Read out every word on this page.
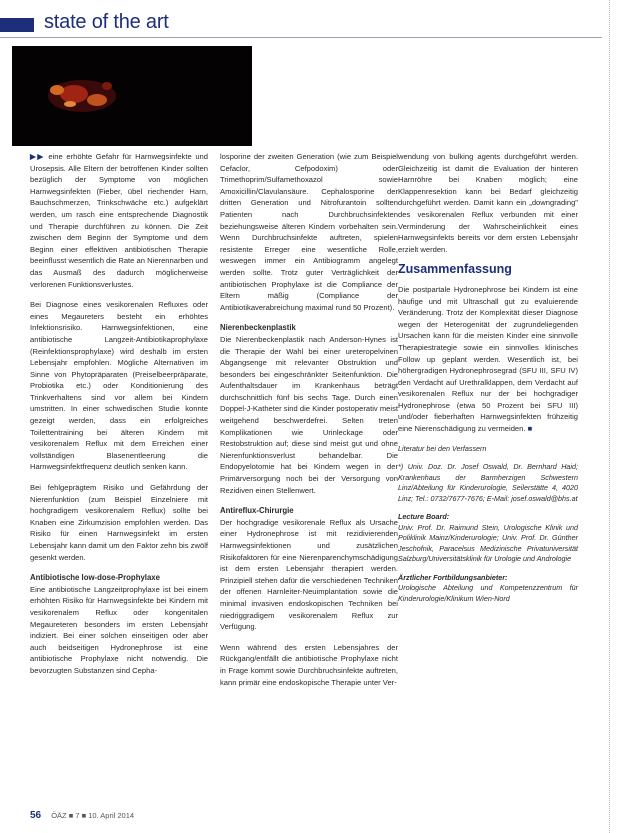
state of the art

▶▶ eine erhöhte Gefahr für Harnwegsinfekte und Urosepsis. Alle Eltern der betroffenen Kinder sollten bezüglich der Symptome von möglichen Harnwegsinfekten (Fieber, übel riechender Harn, Bauchschmerzen, Trinkschwäche etc.) aufgeklärt werden, um rasch eine entsprechende Diagnostik und Therapie durchführen zu können. Die Zeit zwischen dem Beginn der Symptome und dem Beginn einer effektiven antibiotischen Therapie beeinflusst wesentlich die Rate an Nierennarben und das Ausmaß des dadurch möglicherweise verlorenen Funktionsverlustes.

Bei Diagnose eines vesikorenalen Refluxes oder eines Megaureters besteht ein erhöhtes Infektionsrisiko. Harnwegsinfektionen, eine antibiotische Langzeit-Antibiotikaprophylaxe (Reinfektionsprophylaxe) wird deshalb im ersten Lebensjahr empfohlen. Mögliche Alternativen im Sinne von Phytopräparaten (Preiselbeerpräparate, Probiotika etc.) oder Konditionierung des Trinkverhaltens sind vor allem bei Kindern umstritten. In einer schwedischen Studie konnte gezeigt werden, dass ein erfolgreiches Toilettentraining bei älteren Kindern mit vesikorenalem Reflux mit dem Erreichen einer vollständigen Blasenentleerung die Harnwegsinfektfrequenz deutlich senken kann.

Bei fehlgeprägtem Risiko und Gefährdung der Nierenfunktion (zum Beispiel Einzelniere mit hochgradigem vesikorenalem Reflux) sollte bei Knaben eine Zirkumzision empfohlen werden. Das Risiko für einen Harnwegsinfekt im ersten Lebensjahr kann damit um den Faktor zehn bis zwölf gesenkt werden.

Antibiotische low-dose-Prophylaxe

Eine antibiotische Langzeitprophylaxe ist bei einem erhöhten Risiko für Harnwegsinfekte bei Kindern mit vesikorenalem Reflux oder kongenitalen Megaureteren besonders im ersten Lebensjahr indiziert. Bei einer solchen einseitigen oder aber auch beidseitigen Hydronephrose ist eine antibiotische Prophylaxe nicht notwendig. Die bevorzugten Substanzen sind Cepha-

losporine der zweiten Generation (wie zum Beispiel Cefaclor, Cefpodoxim) oder Trimethoprim/Sulfamethoxazol sowie Amoxicillin/Clavulansäure. Cephalosporine der dritten Generation und Nitrofurantoin sollten Patienten nach Durchbruchsinfekten beziehungsweise älteren Kindern vorbehalten sein. Wenn Durchbruchsinfekte auftreten, spielen resistente Erreger eine wesentliche Rolle, weswegen immer ein Antibiogramm angelegt werden sollte. Trotz guter Verträglichkeit der antibiotischen Prophylaxe ist die Compliance der Eltern mäßig (Compliance der Antibiotikaverabreichung maximal rund 50 Prozent).

Nierenbeckenplastik

Die Nierenbeckenplastik nach Anderson-Hynes ist die Therapie der Wahl bei einer ureteropelvinen Abgangsenge mit relevanter Obstruktion und besonders bei eingeschränkter Seitenfunktion. Die Aufenthaltsdauer im Krankenhaus beträgt durchschnittlich fünf bis sechs Tage. Durch einen Doppel-J-Katheter sind die Kinder postoperativ meist weitgehend beschwerdefrei. Selten treten Komplikationen wie Urinleckage oder Restobstruktion auf; diese sind meist gut und ohne Nierenfunktionsverlust behandelbar. Die Endopyelotomie hat bei Kindern wegen in der Primärversorgung noch bei der Versorgung von Rezidiven einen Stellenwert.

Antireflux-Chirurgie

Der hochgradige vesikorenale Reflux als Ursache einer Hydronephrose ist mit rezidivierenden Harnwegsinfektionen und zusätzlichen Risikofaktoren für eine Nierenparenchymschädigung ist dem ersten Lebensjahr therapiert werden. Prinzipiell stehen dafür die verschiedenen Techniken der offenen Harnleiter-Neuimplantation sowie die minimal invasiven endoskopischen Techniken bei niedriggradigem vesikorenalem Reflux zur Verfügung.

Wenn während des ersten Lebensjahres der Rückgang/entfällt die antibiotische Prophylaxe nicht in Frage kommt sowie Durchbruchsinfekte auftreten, kann primär eine endoskopische Therapie unter Ver-

wendung von bulking agents durchgeführt werden. Gleichzeitig ist damit die Evaluation der hinteren Harnröhre bei Knaben möglich; eine Klappenresektion kann bei Bedarf gleichzeitig durchgeführt werden. Damit kann ein „downgrading" des vesikorenalen Reflux verbunden mit einer Verminderung der Wahrscheinlichkeit eines Harnwegsinfekts bereits vor dem ersten Lebensjahr erzielt werden.

Zusammenfassung

Die postpartale Hydronephrose bei Kindern ist eine häufige und mit Ultraschall gut zu evaluierende Veränderung. Trotz der Komplexität dieser Diagnose wegen der Heterogenität der zugrundeliegenden Ursachen kann für die meisten Kinder eine sinnvolle Therapiestrategie sowie ein sinnvolles klinisches Follow up geplant werden. Wesentlich ist, bei höhergradigen Hydronephrosegrad (SFU III, SFU IV) den Verdacht auf Urethralklappen, dem Verdacht auf vesikorenalen Reflux nur der bei hochgradiger Hydronephrose (etwa 50 Prozent bei SFU III) und/oder fieberhaften Harnwegsinfekten frühzeitig eine Nierenschädigung zu vermeiden. ■

Literatur bei den Verfassern

*) Univ. Doz. Dr. Josef Oswald, Dr. Bernhard Haid; Krankenhaus der Barmherzigen Schwestern Linz/Abteilung für Kinderurologie, Seilerstätte 4, 4020 Linz; Tel.: 0732/7677-7676; E-Mail: josef.oswald@bhs.at

Lecture Board:
Univ. Prof. Dr. Raimund Stein, Urologische Klinik und Poliklinik Mainz/Kinderurologie; Univ. Prof. Dr. Günther Jeschofnik, Paracelsus Medizinische Privatuniversität Salzburg/Universitätsklinik für Urologie und Andrologie

Ärztlicher Fortbildungsanbieter:
Urologische Abteilung und Kompetenzzentrum für Kinderurologie/Klinikum Wien-Nord

56 ÖÄZ ■ 7 ■ 10. April 2014
